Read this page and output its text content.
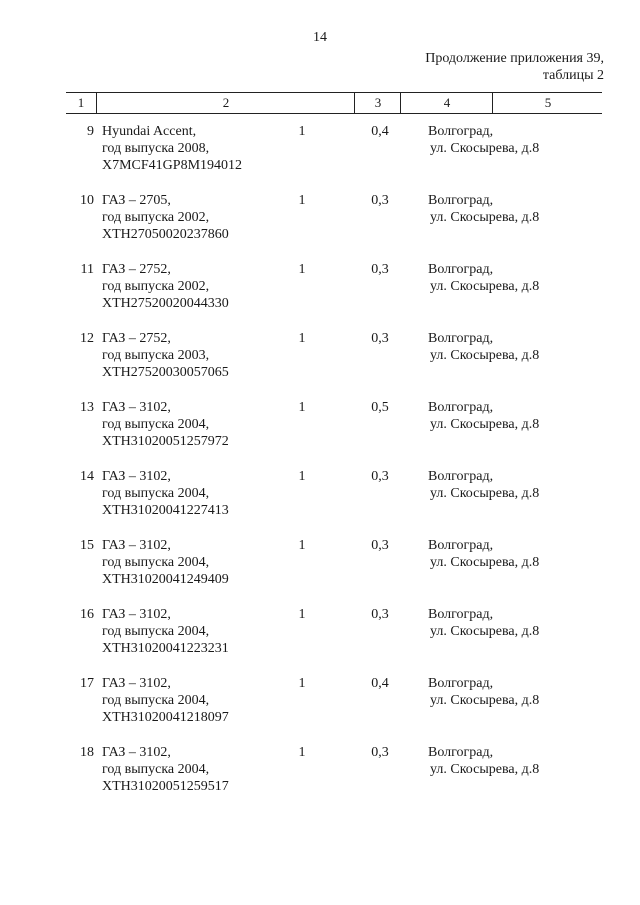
14
Продолжение приложения 39,
таблицы 2
1	2	3	4	5
9 Hyundai Accent,
год выпуска 2008,
X7MCF41GP8M194012
1	0,4	Волгоград,
ул. Скосырева, д.8
10 ГАЗ – 2705,
год выпуска 2002,
XTH27050020237860
1	0,3	Волгоград,
ул. Скосырева, д.8
11 ГАЗ – 2752,
год выпуска 2002,
XTH27520020044330
1	0,3	Волгоград,
ул. Скосырева, д.8
12 ГАЗ – 2752,
год выпуска 2003,
XTH27520030057065
1	0,3	Волгоград,
ул. Скосырева, д.8
13 ГАЗ – 3102,
год выпуска 2004,
XTH31020051257972
1	0,5	Волгоград,
ул. Скосырева, д.8
14 ГАЗ – 3102,
год выпуска 2004,
XTH31020041227413
1	0,3	Волгоград,
ул. Скосырева, д.8
15 ГАЗ – 3102,
год выпуска 2004,
XTH31020041249409
1	0,3	Волгоград,
ул. Скосырева, д.8
16 ГАЗ – 3102,
год выпуска 2004,
XTH31020041223231
1	0,3	Волгоград,
ул. Скосырева, д.8
17 ГАЗ – 3102,
год выпуска 2004,
XTH31020041218097
1	0,4	Волгоград,
ул. Скосырева, д.8
18 ГАЗ – 3102,
год выпуска 2004,
XTH31020051259517
1	0,3	Волгоград,
ул. Скосырева, д.8
